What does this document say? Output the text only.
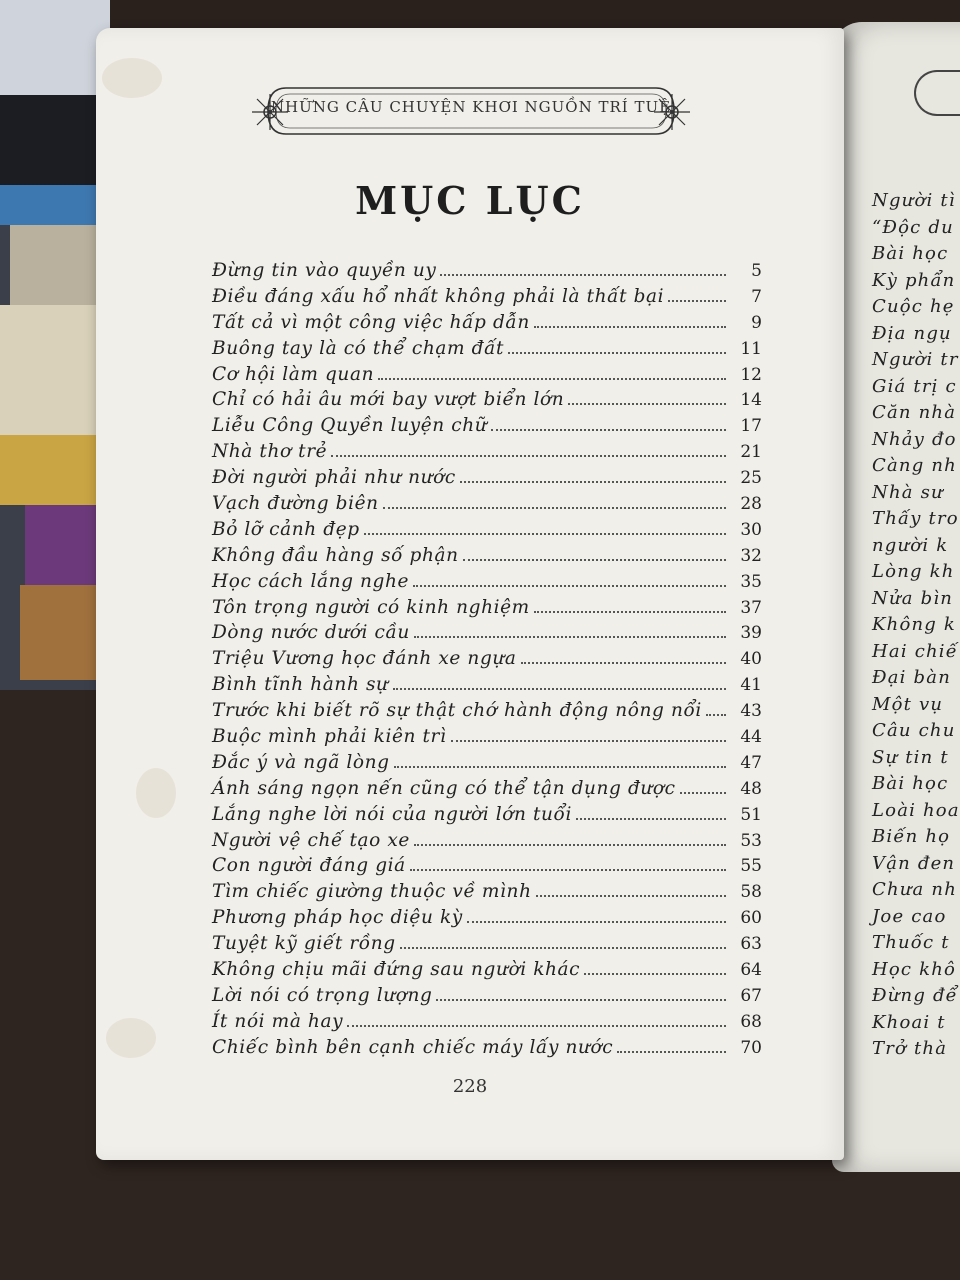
Người tì
“Độc du
Bài học
Kỳ phẩn
Cuộc hẹ
Địa ngụ
Người tr
Giá trị c
Căn nhà
Nhảy đo
Càng nh
Nhà sư
Thấy tro
người k
Lòng kh
Nửa bìn
Không k
Hai chiế
Đại bàn
Một vụ
Câu chu
Sự tin t
Bài học
Loài hoa
Biến họ
Vận đen
Chưa nh
Joe cao
Thuốc t
Học khô
Đừng để
Khoai t
Trở thà
NHỮNG CÂU CHUYỆN KHƠI NGUỒN TRÍ TUỆ
MỤC LỤC
Đừng tin vào quyền uy	5
Điều đáng xấu hổ nhất không phải là thất bại	7
Tất cả vì một công việc hấp dẫn	9
Buông tay là có thể chạm đất	11
Cơ hội làm quan	12
Chỉ có hải âu mới bay vượt biển lớn	14
Liễu Công Quyền luyện chữ	17
Nhà thơ trẻ	21
Đời người phải như nước	25
Vạch đường biên	28
Bỏ lỡ cảnh đẹp	30
Không đầu hàng số phận	32
Học cách lắng nghe	35
Tôn trọng người có kinh nghiệm	37
Dòng nước dưới cầu	39
Triệu Vương học đánh xe ngựa	40
Bình tĩnh hành sự	41
Trước khi biết rõ sự thật chớ hành động nông nổi	43
Buộc mình phải kiên trì	44
Đắc ý và ngã lòng	47
Ánh sáng ngọn nến cũng có thể tận dụng được	48
Lắng nghe lời nói của người lớn tuổi	51
Người vệ chế tạo xe	53
Con người đáng giá	55
Tìm chiếc giường thuộc về mình	58
Phương pháp học diệu kỳ	60
Tuyệt kỹ giết rồng	63
Không chịu mãi đứng sau người khác	64
Lời nói có trọng lượng	67
Ít nói mà hay	68
Chiếc bình bên cạnh chiếc máy lấy nước	70
228
